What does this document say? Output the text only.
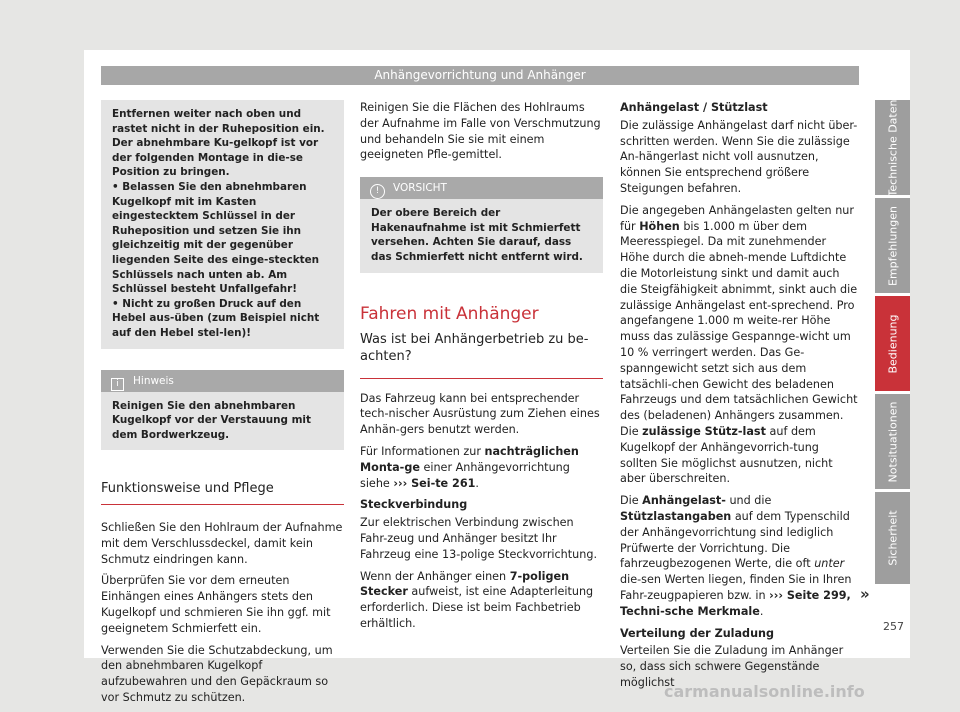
Anhängevorrichtung und Anhänger

Entfernen weiter nach oben und rastet nicht in der Ruheposition ein. Der abnehmbare Ku-gelkopf ist vor der folgenden Montage in die-se Position zu bringen.

• Belassen Sie den abnehmbaren Kugelkopf mit im Kasten eingestecktem Schlüssel in der Ruheposition und setzen Sie ihn gleichzeitig mit der gegenüber liegenden Seite des einge-steckten Schlüssels nach unten ab. Am Schlüssel besteht Unfallgefahr!

• Nicht zu großen Druck auf den Hebel aus-üben (zum Beispiel nicht auf den Hebel stel-len)!

i Hinweis

Reinigen Sie den abnehmbaren Kugelkopf vor der Verstauung mit dem Bordwerkzeug.

Funktionsweise und Pflege

Schließen Sie den Hohlraum der Aufnahme mit dem Verschlussdeckel, damit kein Schmutz eindringen kann.

Überprüfen Sie vor dem erneuten Einhängen eines Anhängers stets den Kugelkopf und schmieren Sie ihn ggf. mit geeignetem Schmierfett ein.

Verwenden Sie die Schutzabdeckung, um den abnehmbaren Kugelkopf aufzubewahren und den Gepäckraum so vor Schmutz zu schützen.

Reinigen Sie die Flächen des Hohlraums der Aufnahme im Falle von Verschmutzung und behandeln Sie sie mit einem geeigneten Pfle-gemittel.

! VORSICHT

Der obere Bereich der Hakenaufnahme ist mit Schmierfett versehen. Achten Sie darauf, dass das Schmierfett nicht entfernt wird.

Fahren mit Anhänger
Was ist bei Anhängerbetrieb zu be-achten?

Das Fahrzeug kann bei entsprechender tech-nischer Ausrüstung zum Ziehen eines Anhän-gers benutzt werden.

Für Informationen zur nachträglichen Monta-ge einer Anhängevorrichtung siehe ››› Sei-te 261.

Steckverbindung

Zur elektrischen Verbindung zwischen Fahr-zeug und Anhänger besitzt Ihr Fahrzeug eine 13-polige Steckvorrichtung.

Wenn der Anhänger einen 7-poligen Stecker aufweist, ist eine Adapterleitung erforderlich. Diese ist beim Fachbetrieb erhältlich.

Anhängelast / Stützlast

Die zulässige Anhängelast darf nicht über-schritten werden. Wenn Sie die zulässige An-hängerlast nicht voll ausnutzen, können Sie entsprechend größere Steigungen befahren.

Die angegeben Anhängelasten gelten nur für Höhen bis 1.000 m über dem Meeresspiegel. Da mit zunehmender Höhe durch die abneh-mende Luftdichte die Motorleistung sinkt und damit auch die Steigfähigkeit abnimmt, sinkt auch die zulässige Anhängelast ent-sprechend. Pro angefangene 1.000 m weite-rer Höhe muss das zulässige Gespannge-wicht um 10 % verringert werden. Das Ge-spanngewicht setzt sich aus dem tatsächli-chen Gewicht des beladenen Fahrzeugs und dem tatsächlichen Gewicht des (beladenen) Anhängers zusammen. Die zulässige Stütz-last auf dem Kugelkopf der Anhängevorrich-tung sollten Sie möglichst ausnutzen, nicht aber überschreiten.

Die Anhängelast- und die Stützlastangaben auf dem Typenschild der Anhängevorrichtung sind lediglich Prüfwerte der Vorrichtung. Die fahrzeugbezogenen Werte, die oft unter die-sen Werten liegen, finden Sie in Ihren Fahr-zeugpapieren bzw. in ››› Seite 299, Techni-sche Merkmale.

Verteilung der Zuladung

Verteilen Sie die Zuladung im Anhänger so, dass sich schwere Gegenstände möglichst

Technische Daten
Empfehlungen
Bedienung
Notsituationen
Sicherheit
»
257
carmanualsonline.info
